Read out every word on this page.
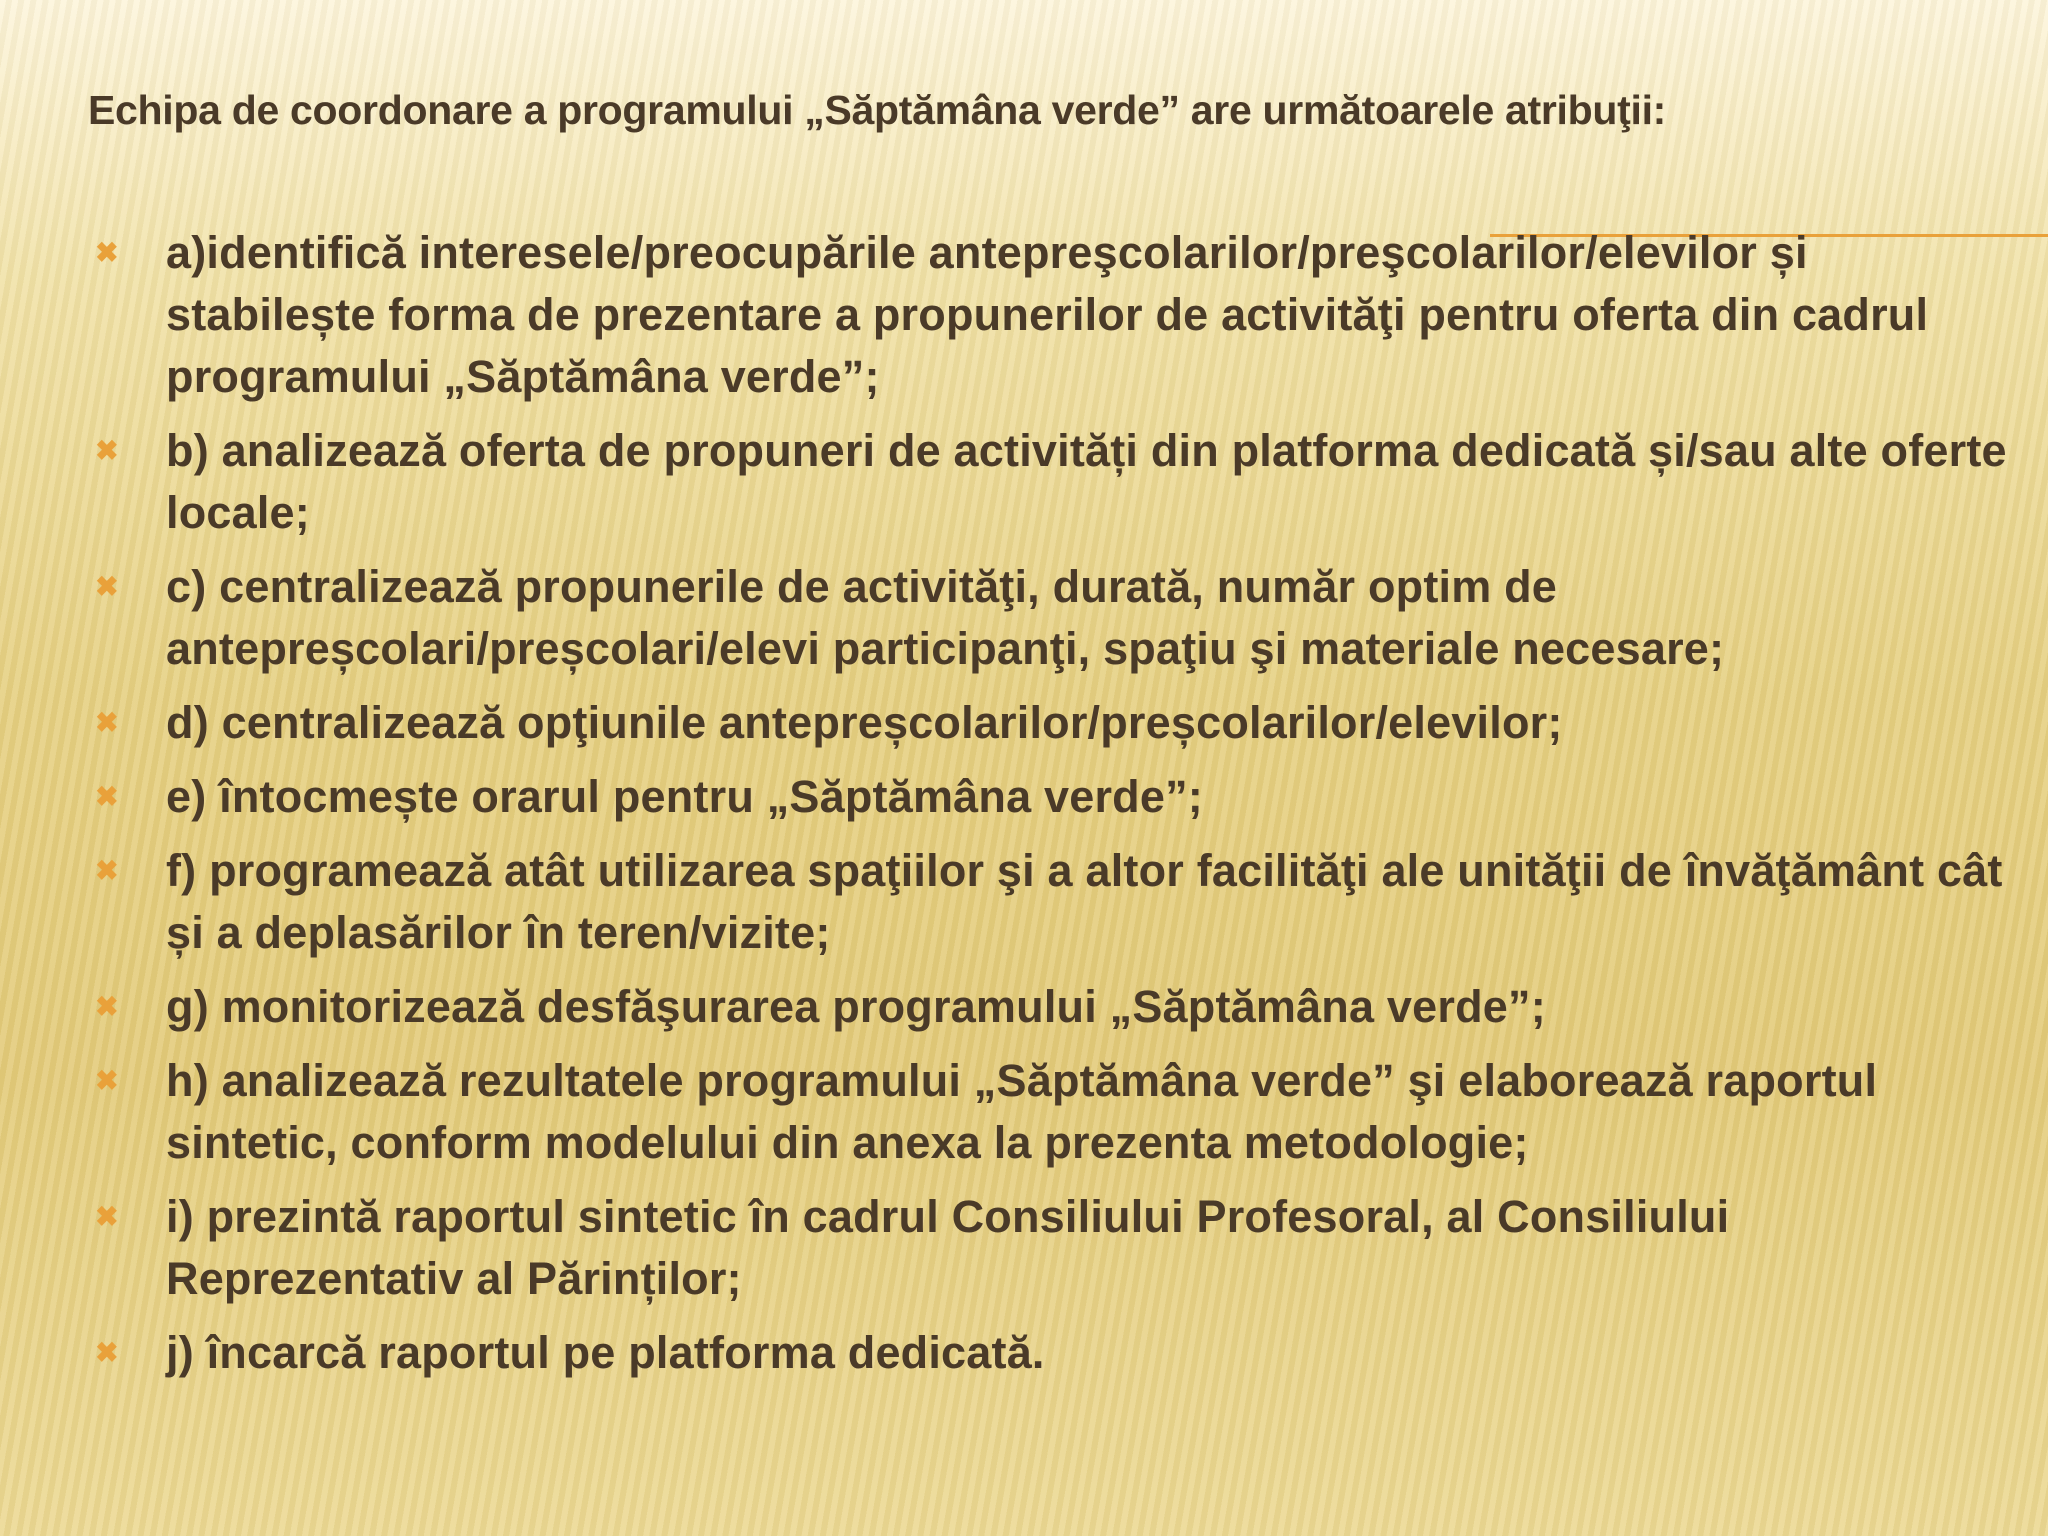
Echipa de coordonare a programului „Săptămâna verde” are următoarele atribuţii:
✖ a)identifică interesele/preocupările antepreşcolarilor/preşcolarilor/elevilor și stabilește forma de prezentare a propunerilor de activităţi pentru oferta din cadrul programului „Săptămâna verde”;
✖ b) analizează oferta de propuneri de activități din platforma dedicată și/sau alte oferte locale;
✖ c) centralizează propunerile de activităţi, durată, număr optim de antepreșcolari/preșcolari/elevi participanţi, spaţiu şi materiale necesare;
✖ d) centralizează opţiunile antepreșcolarilor/preșcolarilor/elevilor;
✖ e) întocmește orarul pentru „Săptămâna verde”;
✖ f) programează atât utilizarea spaţiilor şi a altor facilităţi ale unităţii de învăţământ cât și a deplasărilor în teren/vizite;
✖ g) monitorizează desfăşurarea programului „Săptămâna verde”;
✖ h) analizează rezultatele programului „Săptămâna verde” şi elaborează raportul sintetic, conform modelului din anexa la prezenta metodologie;
✖ i) prezintă raportul sintetic în cadrul Consiliului Profesoral, al Consiliului Reprezentativ al Părinților;
✖ j) încarcă raportul pe platforma dedicată.
